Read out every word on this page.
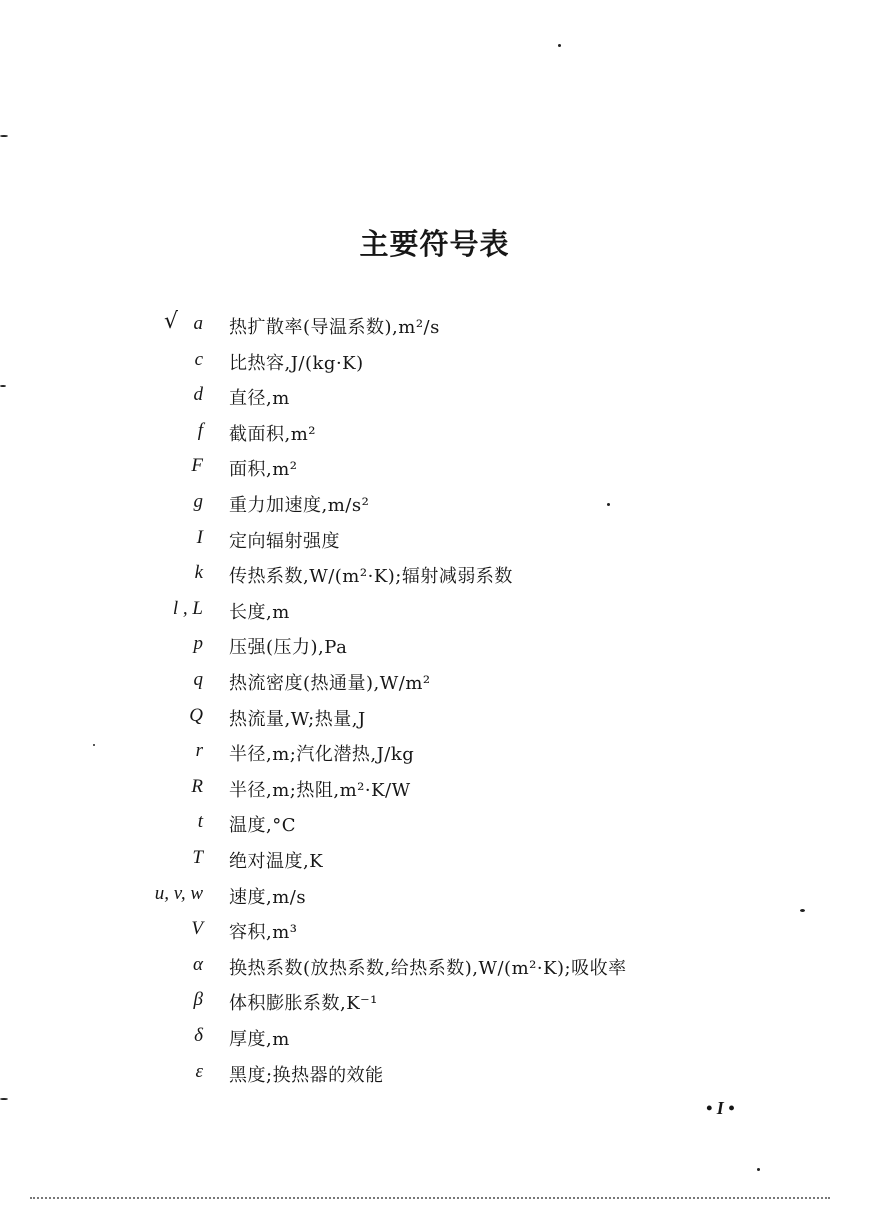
主要符号表
√ a 热扩散率(导温系数),m²/s
c 比热容,J/(kg·K)
d 直径,m
f 截面积,m²
F 面积,m²
g 重力加速度,m/s²
I 定向辐射强度
k 传热系数,W/(m²·K);辐射减弱系数
l , L 长度,m
p 压强(压力),Pa
q 热流密度(热通量),W/m²
Q 热流量,W;热量,J
r 半径,m;汽化潜热,J/kg
R 半径,m;热阻,m²·K/W
t 温度,°C
T 绝对温度,K
u, v, w 速度,m/s
V 容积,m³
α 换热系数(放热系数,给热系数),W/(m²·K);吸收率
β 体积膨胀系数,K⁻¹
δ 厚度,m
ε 黑度;换热器的效能
• I •
